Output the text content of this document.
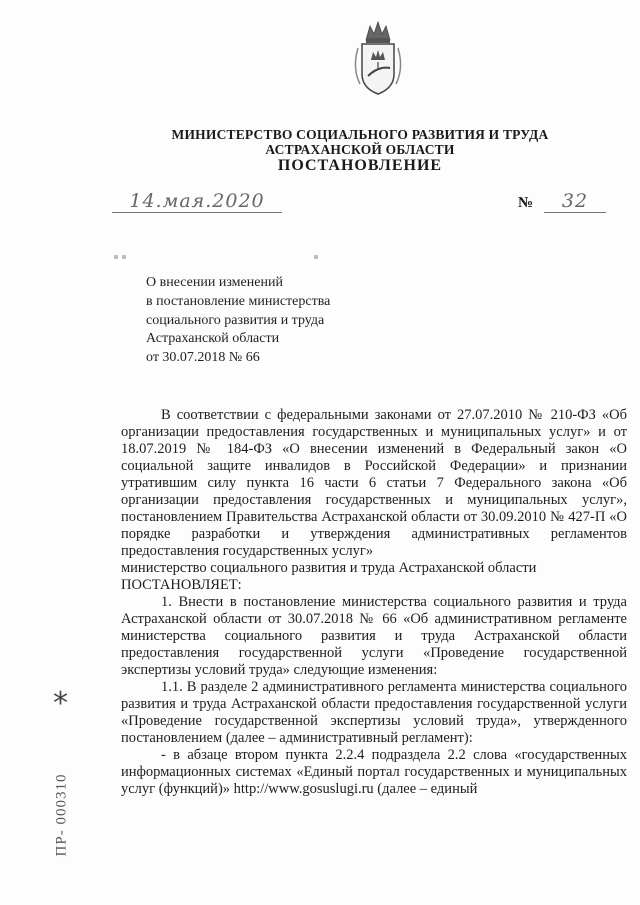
МИНИСТЕРСТВО СОЦИАЛЬНОГО РАЗВИТИЯ И ТРУДА
АСТРАХАНСКОЙ ОБЛАСТИ
ПОСТАНОВЛЕНИЕ
14.мая.2020	№	32
О внесении изменений
в постановление министерства
социального развития и труда
Астраханской области
от 30.07.2018 № 66

В соответствии с федеральными законами от 27.07.2010 № 210-ФЗ «Об организации предоставления государственных и муниципальных услуг» и от 18.07.2019 № 184-ФЗ «О внесении изменений в Федеральный закон «О социальной защите инвалидов в Российской Федерации» и признании утратившим силу пункта 16 части 6 статьи 7 Федерального закона «Об организации предоставления государственных и муниципальных услуг», постановлением Правительства Астраханской области от 30.09.2010 № 427-П «О порядке разработки и утверждения административных регламентов предоставления государственных услуг»

министерство социального развития и труда Астраханской области

ПОСТАНОВЛЯЕТ:

1. Внести в постановление министерства социального развития и труда Астраханской области от 30.07.2018 № 66 «Об административном регламенте министерства социального развития и труда Астраханской области предоставления государственной услуги «Проведение государственной экспертизы условий труда» следующие изменения:

1.1. В разделе 2 административного регламента министерства социального развития и труда Астраханской области предоставления государственной услуги «Проведение государственной экспертизы условий труда», утвержденного постановлением (далее – административный регламент):

- в абзаце втором пункта 2.2.4 подраздела 2.2 слова «государственных информационных системах «Единый портал государственных и муниципальных услуг (функций)» http://www.gosuslugi.ru (далее – единый

*
ПР- 000310
